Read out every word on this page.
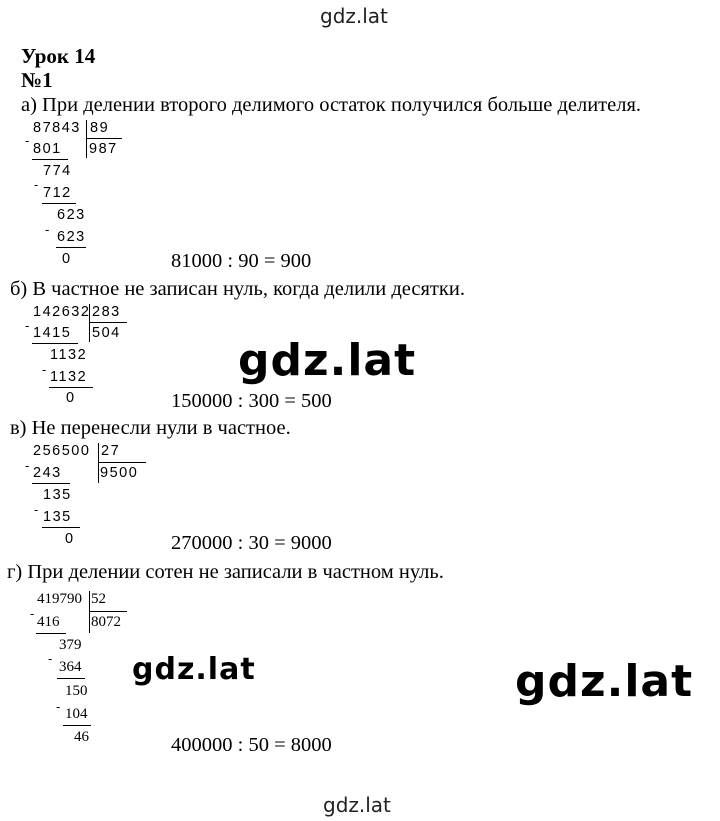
gdz.lat
gdz.lat
gdz.lat
gdz.lat	gdz.lat
Урок 14
№1
а) При делении второго делимого остаток получился больше делителя.
87843 89
987
-
801
774
-
712
623
- 623
0	81000 : 90 = 900
б) В частное не записан нуль, когда делили десятки.
142632 283
504
- 1415
1132
- 1132
0	150000 : 300 = 500
в) Не перенесли нули в частное.
256500 27
9500
- 243
135
- 135
0	270000 : 30 = 9000
г) При делении сотен не записали в частном нуль.
419790 52
8072
-
416
379
-
364
150
- 104
46	400000 : 50 = 8000
